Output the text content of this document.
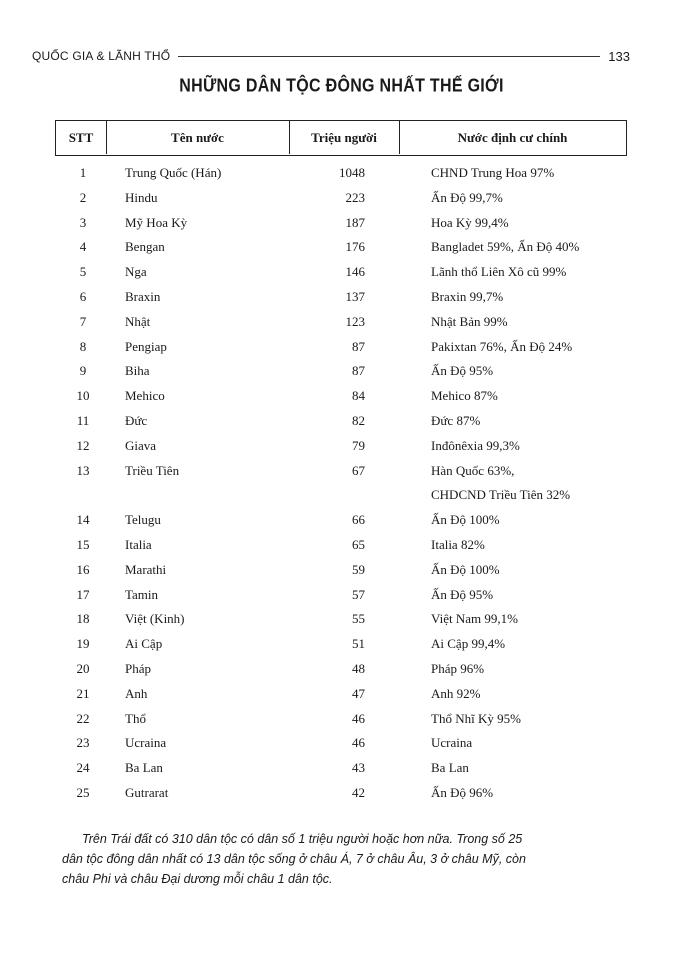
QUỐC GIA & LÃNH THỔ	133
NHỮNG DÂN TỘC ĐÔNG NHẤT THẾ GIỚI
STT	Tên nước	Triệu người	Nước định cư chính
1	Trung Quốc (Hán)	1048	CHND Trung Hoa 97%
2	Hindu	223	Ấn Độ 99,7%
3	Mỹ Hoa Kỳ	187	Hoa Kỳ 99,4%
4	Bengan	176	Bangladet 59%, Ấn Độ 40%
5	Nga	146	Lãnh thổ Liên Xô cũ 99%
6	Braxin	137	Braxin 99,7%
7	Nhật	123	Nhật Bản 99%
8	Pengiap	87	Pakixtan 76%, Ấn Độ 24%
9	Biha	87	Ấn Độ 95%
10	Mehico	84	Mehico 87%
11	Đức	82	Đức 87%
12	Giava	79	Inđônêxia 99,3%
13	Triều Tiên	67	Hàn Quốc 63%,
CHDCND Triều Tiên 32%
14	Telugu	66	Ấn Độ 100%
15	Italia	65	Italia 82%
16	Marathi	59	Ấn Độ 100%
17	Tamin	57	Ấn Độ 95%
18	Việt (Kinh)	55	Việt Nam 99,1%
19	Ai Cập	51	Ai Cập 99,4%
20	Pháp	48	Pháp 96%
21	Anh	47	Anh 92%
22	Thổ	46	Thổ Nhĩ Kỳ 95%
23	Ucraina	46	Ucraina
24	Ba Lan	43	Ba Lan
25	Gutrarat	42	Ấn Độ 96%
Trên Trái đất có 310 dân tộc có dân số 1 triệu người hoặc hơn nữa. Trong số 25
dân tộc đông dân nhất có 13 dân tộc sống ở châu Á, 7 ở châu Âu, 3 ở châu Mỹ, còn
châu Phi và châu Đại dương mỗi châu 1 dân tộc.
